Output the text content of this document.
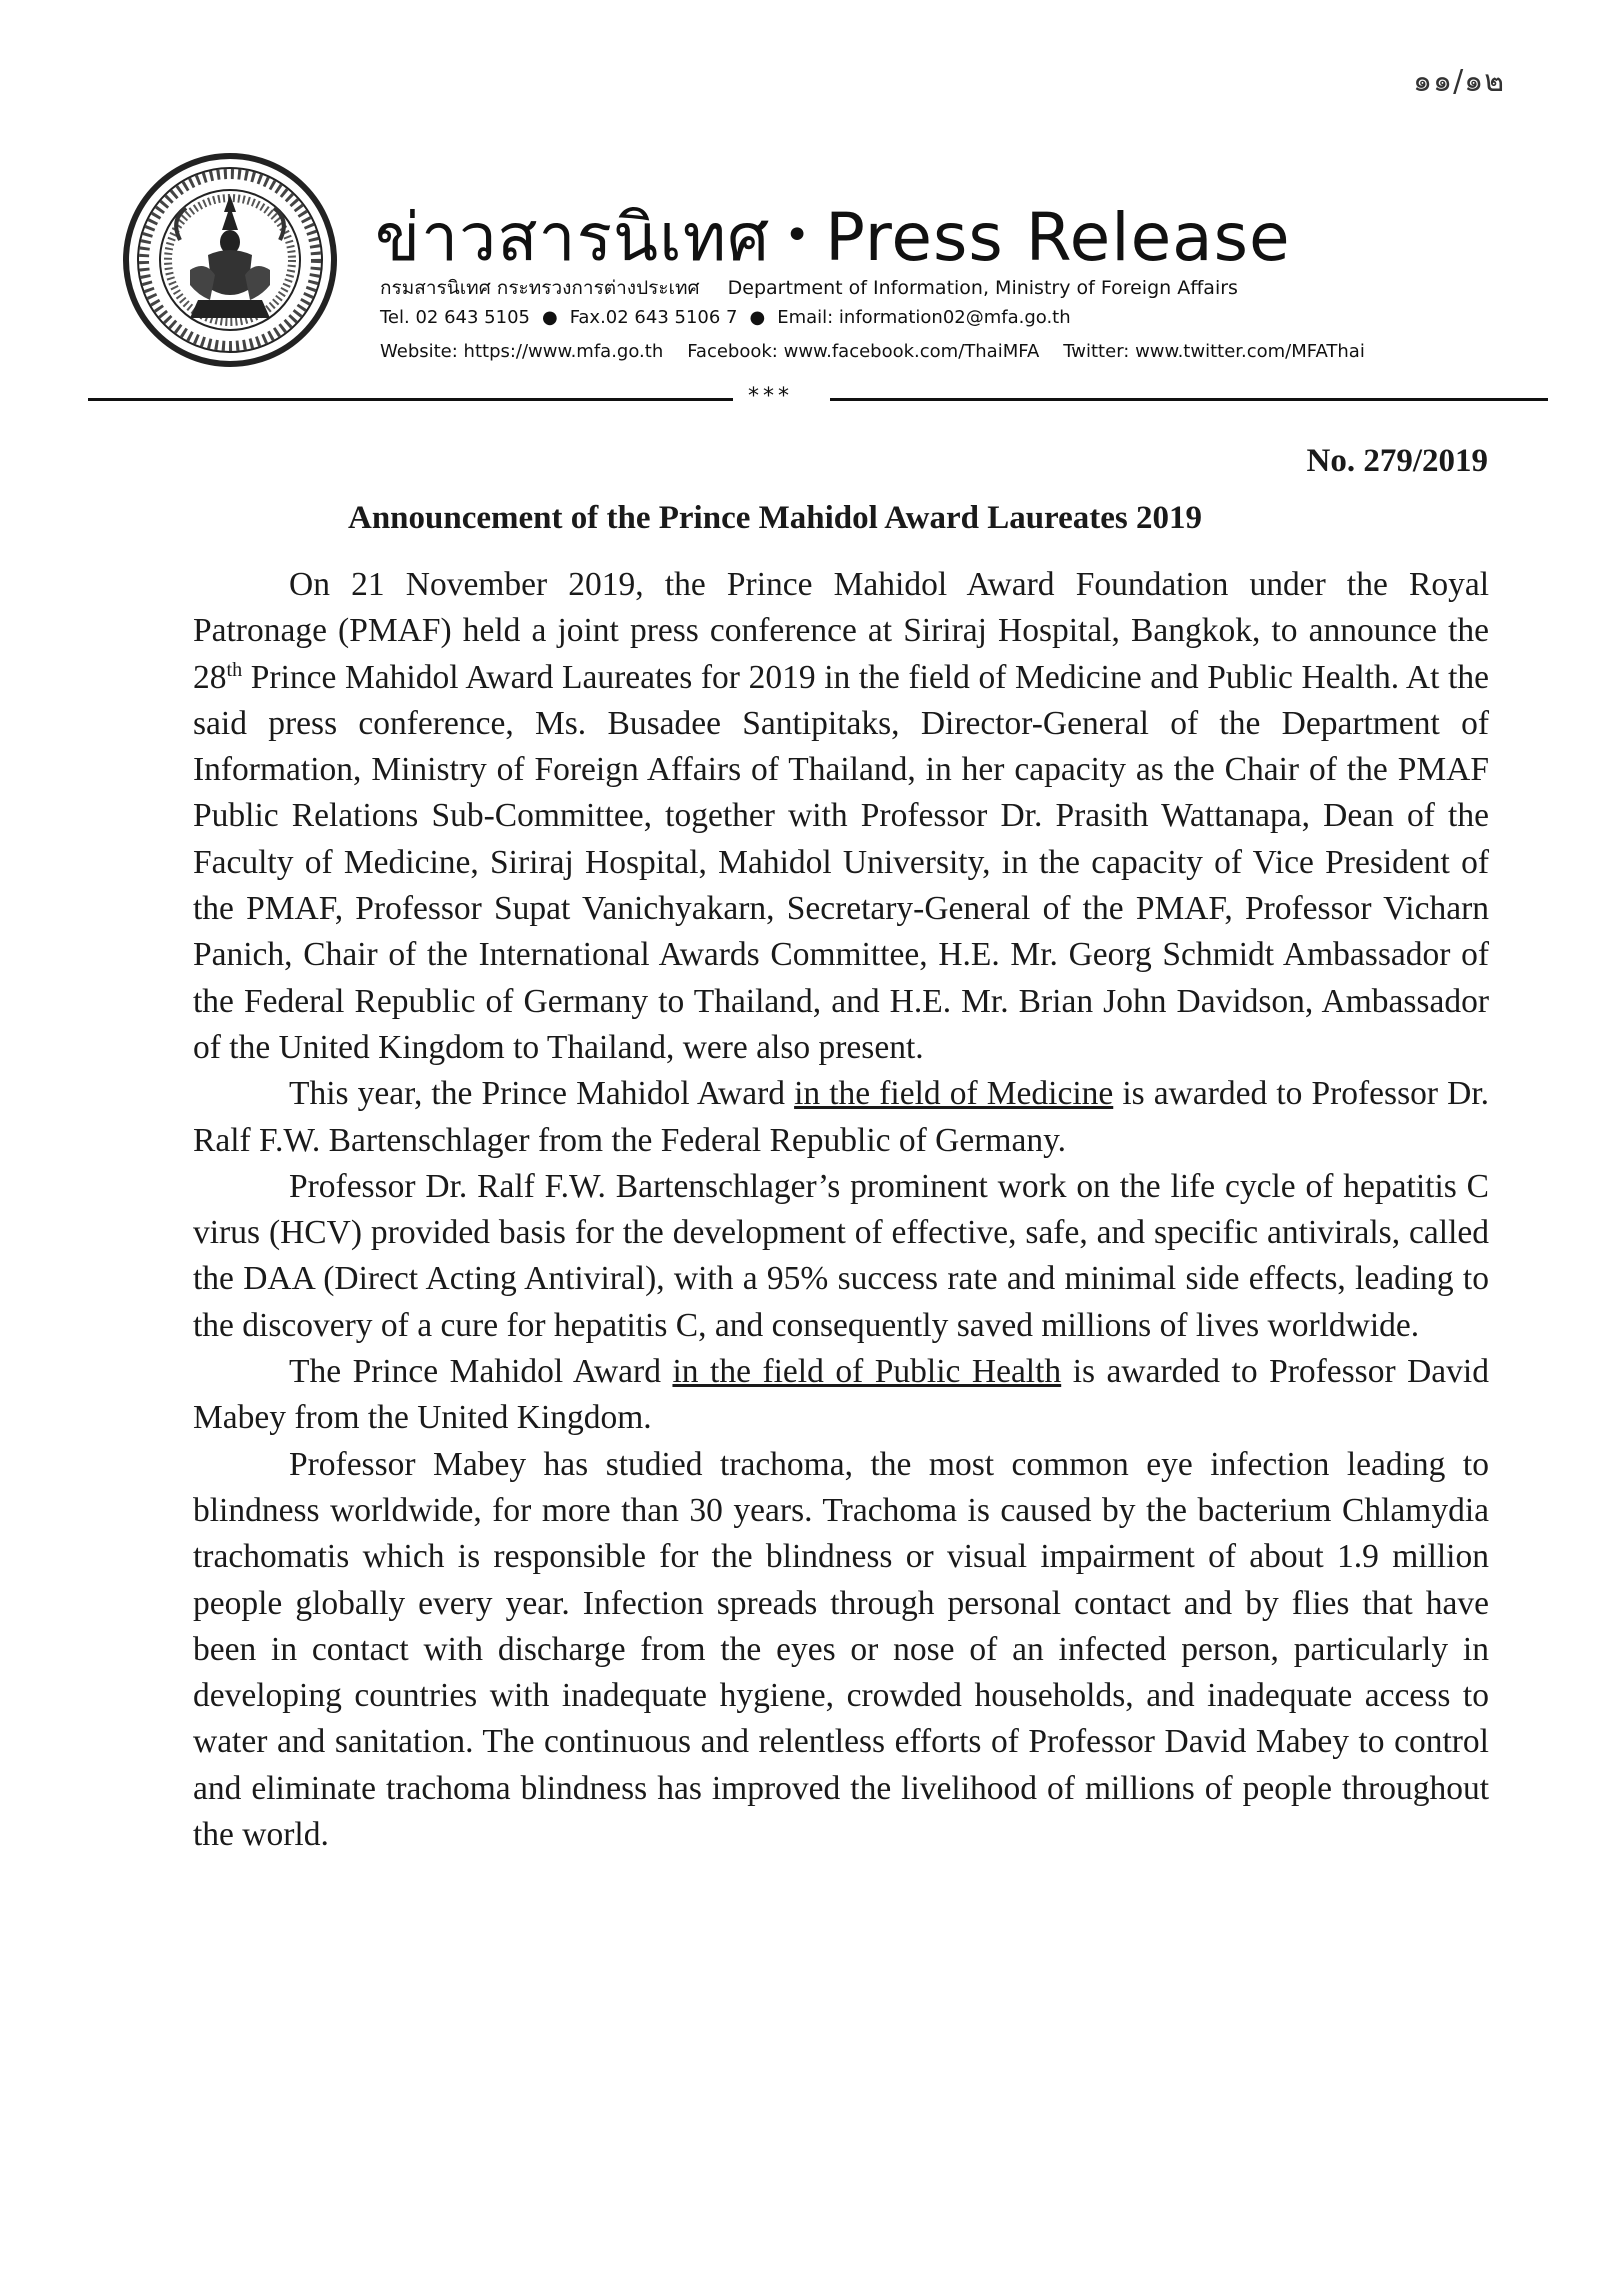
๑๑/๑๒
ข่าวสารนิเทศ • Press Release
กรมสารนิเทศ กระทรวงการต่างประเทศ Department of Information, Ministry of Foreign Affairs
Tel. 02 643 5105 ● Fax.02 643 5106 7 ● Email: information02@mfa.go.th
Website: https://www.mfa.go.th Facebook: www.facebook.com/ThaiMFA Twitter: www.twitter.com/MFAThai
***
No. 279/2019
Announcement of the Prince Mahidol Award Laureates 2019

On 21 November 2019, the Prince Mahidol Award Foundation under the Royal Patronage (PMAF) held a joint press conference at Siriraj Hospital, Bangkok, to announce the 28th Prince Mahidol Award Laureates for 2019 in the field of Medicine and Public Health. At the said press conference, Ms. Busadee Santipitaks, Director-General of the Department of Information, Ministry of Foreign Affairs of Thailand, in her capacity as the Chair of the PMAF Public Relations Sub-Committee, together with Professor Dr. Prasith Wattanapa, Dean of the Faculty of Medicine, Siriraj Hospital, Mahidol University, in the capacity of Vice President of the PMAF, Professor Supat Vanichyakarn, Secretary-General of the PMAF, Professor Vicharn Panich, Chair of the International Awards Committee, H.E. Mr. Georg Schmidt Ambassador of the Federal Republic of Germany to Thailand, and H.E. Mr. Brian John Davidson, Ambassador of the United Kingdom to Thailand, were also present.

This year, the Prince Mahidol Award in the field of Medicine is awarded to Professor Dr. Ralf F.W. Bartenschlager from the Federal Republic of Germany.

Professor Dr. Ralf F.W. Bartenschlager’s prominent work on the life cycle of hepatitis C virus (HCV) provided basis for the development of effective, safe, and specific antivirals, called the DAA (Direct Acting Antiviral), with a 95% success rate and minimal side effects, leading to the discovery of a cure for hepatitis C, and consequently saved millions of lives worldwide.

The Prince Mahidol Award in the field of Public Health is awarded to Professor David Mabey from the United Kingdom.

Professor Mabey has studied trachoma, the most common eye infection leading to blindness worldwide, for more than 30 years. Trachoma is caused by the bacterium Chlamydia trachomatis which is responsible for the blindness or visual impairment of about 1.9 million people globally every year. Infection spreads through personal contact and by flies that have been in contact with discharge from the eyes or nose of an infected person, particularly in developing countries with inadequate hygiene, crowded households, and inadequate access to water and sanitation. The continuous and relentless efforts of Professor David Mabey to control and eliminate trachoma blindness has improved the livelihood of millions of people throughout the world.
